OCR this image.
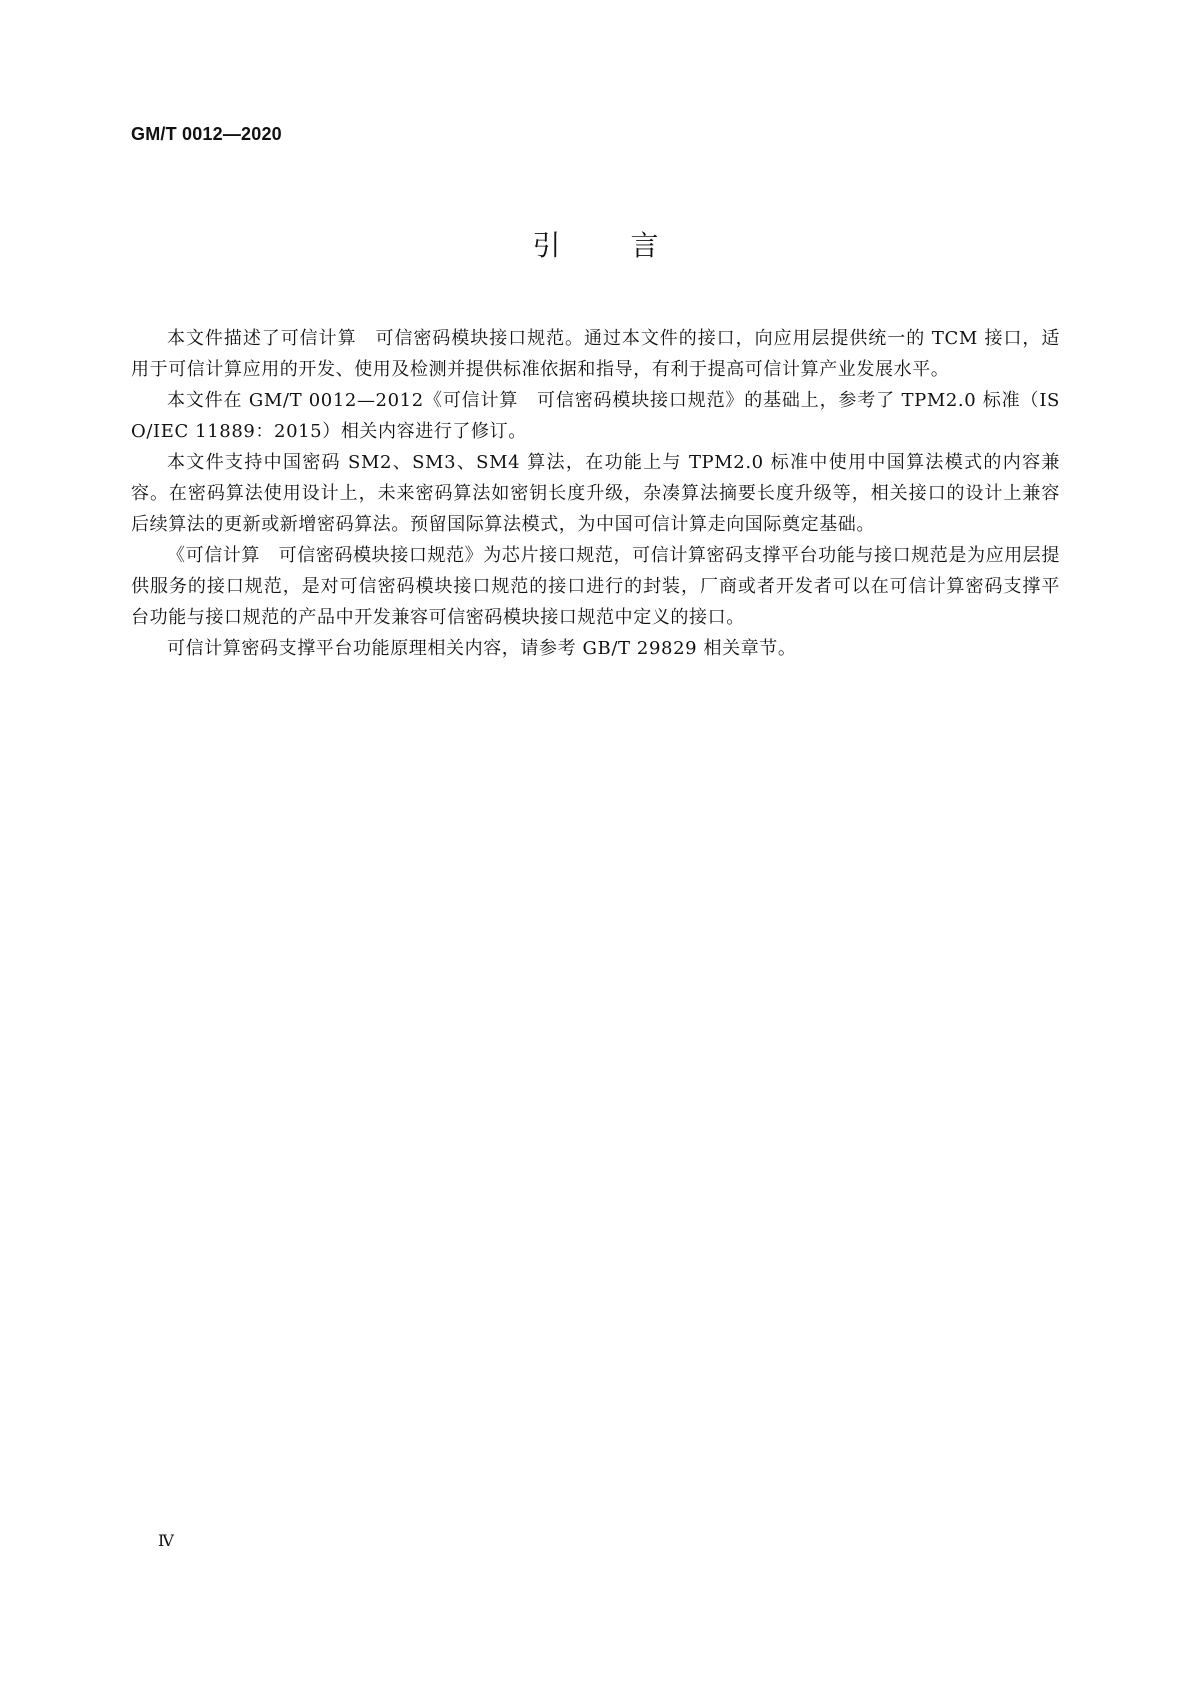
GM/T 0012—2020
引言

本文件描述了可信计算　可信密码模块接口规范。通过本文件的接口，向应用层提供统一的 TCM 接口，适用于可信计算应用的开发、使用及检测并提供标准依据和指导，有利于提高可信计算产业发展水平。

本文件在 GM/T 0012—2012《可信计算　可信密码模块接口规范》的基础上，参考了 TPM2.0 标准（ISO/IEC 11889：2015）相关内容进行了修订。

本文件支持中国密码 SM2、SM3、SM4 算法，在功能上与 TPM2.0 标准中使用中国算法模式的内容兼容。在密码算法使用设计上，未来密码算法如密钥长度升级，杂凑算法摘要长度升级等，相关接口的设计上兼容后续算法的更新或新增密码算法。预留国际算法模式，为中国可信计算走向国际奠定基础。

《可信计算　可信密码模块接口规范》为芯片接口规范，可信计算密码支撑平台功能与接口规范是为应用层提供服务的接口规范，是对可信密码模块接口规范的接口进行的封装，厂商或者开发者可以在可信计算密码支撑平台功能与接口规范的产品中开发兼容可信密码模块接口规范中定义的接口。

可信计算密码支撑平台功能原理相关内容，请参考 GB/T 29829 相关章节。

Ⅳ
